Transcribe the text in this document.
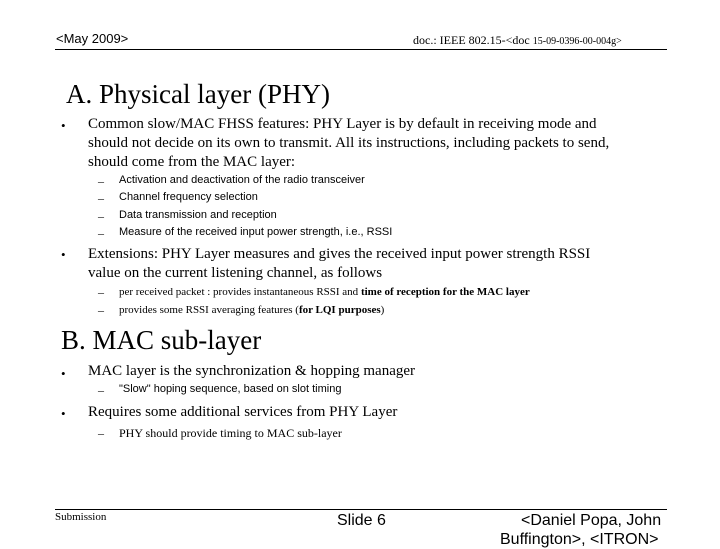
<May 2009>	doc.: IEEE 802.15-<doc 15-09-0396-00-004g>
A. Physical layer (PHY)
• Common slow/MAC FHSS features: PHY Layer is by default in receiving mode and
should not decide on its own to transmit. All its instructions, including packets to send,
should come from the MAC layer:
– Activation and deactivation of the radio transceiver
– Channel frequency selection
– Data transmission and reception
– Measure of the received input power strength, i.e., RSSI
• Extensions: PHY Layer measures and gives the received input power strength RSSI
value on the current listening channel, as follows
– per received packet : provides instantaneous RSSI and time of reception for the MAC layer
– provides some RSSI averaging features (for LQI purposes)
B. MAC sub-layer
• MAC layer is the synchronization & hopping manager
– "Slow" hoping sequence, based on slot timing
• Requires some additional services from PHY Layer
– PHY should provide timing to MAC sub-layer
Submission	Slide 6	<Daniel Popa, John
Buffington>, <ITRON>
